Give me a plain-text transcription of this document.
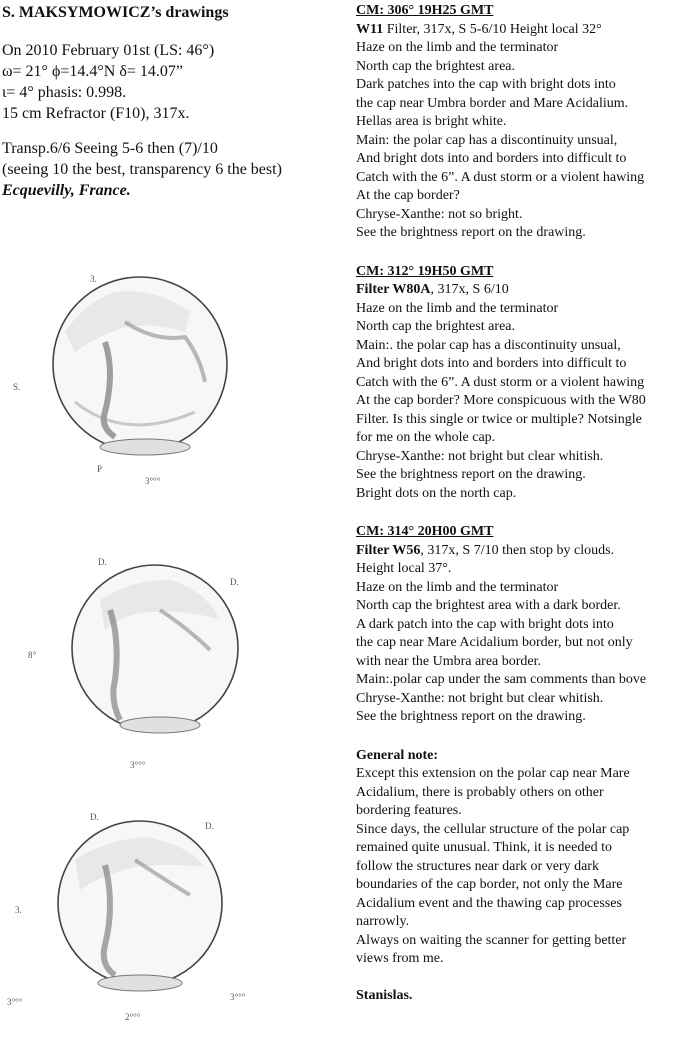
S. MAKSYMOWICZ’s drawings

On 2010 February 01st (LS: 46°)

ω= 21° ϕ=14.4°N δ= 14.07”

ι= 4° phasis: 0.998.

15 cm Refractor (F10), 317x.

Transp.6/6 Seeing 5-6 then (7)/10

(seeing 10 the best, transparency 6 the best)

Ecquevilly, France.

S.
3.
3°°°
P
D.
D.
8°
3°°°
D.
D.
3.
3°°°
2°°°
3°°°

CM: 306° 19H25 GMT

W11 Filter, 317x, S 5-6/10 Height local 32°

Haze on the limb and the terminator

North cap the brightest area.

Dark patches into the cap with bright dots into

the cap near Umbra border and Mare Acidalium.

Hellas area is bright white.

Main: the polar cap has a discontinuity unsual,

And bright dots into and borders into difficult to

Catch with the 6”. A dust storm or a violent hawing

At the cap border?

Chryse-Xanthe: not so bright.

See the brightness report on the drawing.

CM: 312° 19H50 GMT

Filter W80A, 317x, S 6/10

Haze on the limb and the terminator

North cap the brightest area.

Main:. the polar cap has a discontinuity unsual,

And bright dots into and borders into difficult to

Catch with the 6”. A dust storm or a violent hawing

At the cap border? More conspicuous with the W80

Filter. Is this single or twice or multiple? Notsingle

for me on the whole cap.

Chryse-Xanthe: not bright but clear whitish.

See the brightness report on the drawing.

Bright dots on the north cap.

CM: 314° 20H00 GMT

Filter W56, 317x, S 7/10 then stop by clouds.

Height local 37°.

Haze on the limb and the terminator

North cap the brightest area with a dark border.

A dark patch into the cap with bright dots into

the cap near Mare Acidalium border, but not only

with near the Umbra area border.

Main:.polar cap under the sam comments than bove

Chryse-Xanthe: not bright but clear whitish.

See the brightness report on the drawing.

General note:

Except this extension on the polar cap near Mare

Acidalium, there is probably others on other

bordering features.

Since days, the cellular structure of the polar cap

remained quite unusual. Think, it is needed to

follow the structures near dark or very dark

boundaries of the cap border, not only the Mare

Acidalium event and the thawing cap processes

narrowly.

Always on waiting the scanner for getting better

views from me.

Stanislas.
